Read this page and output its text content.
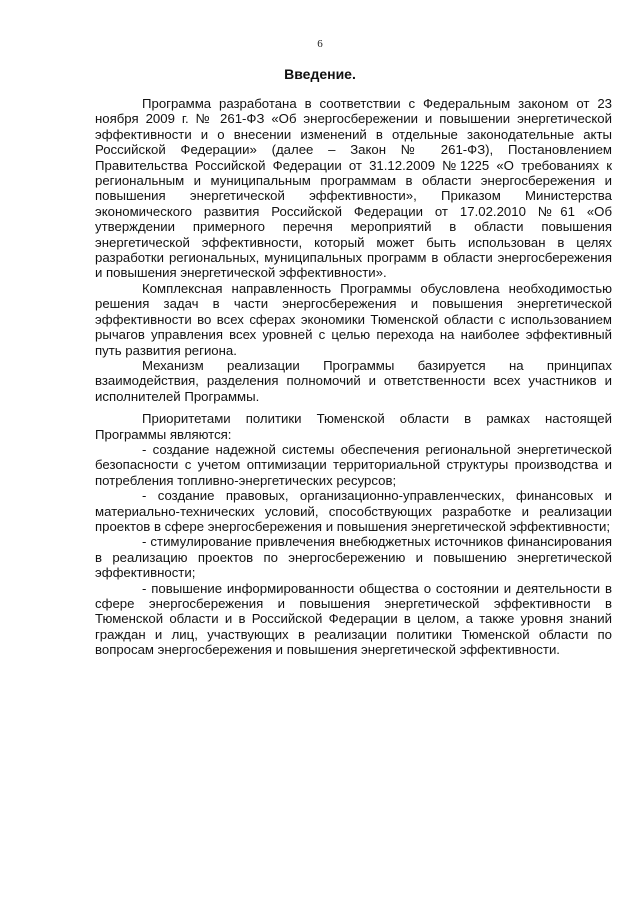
6
Введение.

Программа разработана в соответствии с Федеральным законом от 23 ноября 2009 г. № 261-ФЗ «Об энергосбережении и повышении энергетической эффективности и о внесении изменений в отдельные законодательные акты Российской Федерации» (далее – Закон № 261-ФЗ), Постановлением Правительства Российской Федерации от 31.12.2009 №1225 «О требованиях к региональным и муниципальным программам в области энергосбережения и повышения энергетической эффективности», Приказом Министерства экономического развития Российской Федерации от 17.02.2010 №61 «Об утверждении примерного перечня мероприятий в области повышения энергетической эффективности, который может быть использован в целях разработки региональных, муниципальных программ в области энергосбережения и повышения энергетической эффективности».

Комплексная направленность Программы обусловлена необходимостью решения задач в части энергосбережения и повышения энергетической эффективности во всех сферах экономики Тюменской области с использованием рычагов управления всех уровней с целью перехода на наиболее эффективный путь развития региона.

Механизм реализации Программы базируется на принципах взаимодействия, разделения полномочий и ответственности всех участников и исполнителей Программы.

Приоритетами политики Тюменской области в рамках настоящей Программы являются:

- создание надежной системы обеспечения региональной энергетической безопасности с учетом оптимизации территориальной структуры производства и потребления топливно-энергетических ресурсов;

- создание правовых, организационно-управленческих, финансовых и материально-технических условий, способствующих разработке и реализации проектов в сфере энергосбережения и повышения энергетической эффективности;

- стимулирование привлечения внебюджетных источников финансирования в реализацию проектов по энергосбережению и повышению энергетической эффективности;

- повышение информированности общества о состоянии и деятельности в сфере энергосбережения и повышения энергетической эффективности в Тюменской области и в Российской Федерации в целом, а также уровня знаний граждан и лиц, участвующих в реализации политики Тюменской области по вопросам энергосбережения и повышения энергетической эффективности.
